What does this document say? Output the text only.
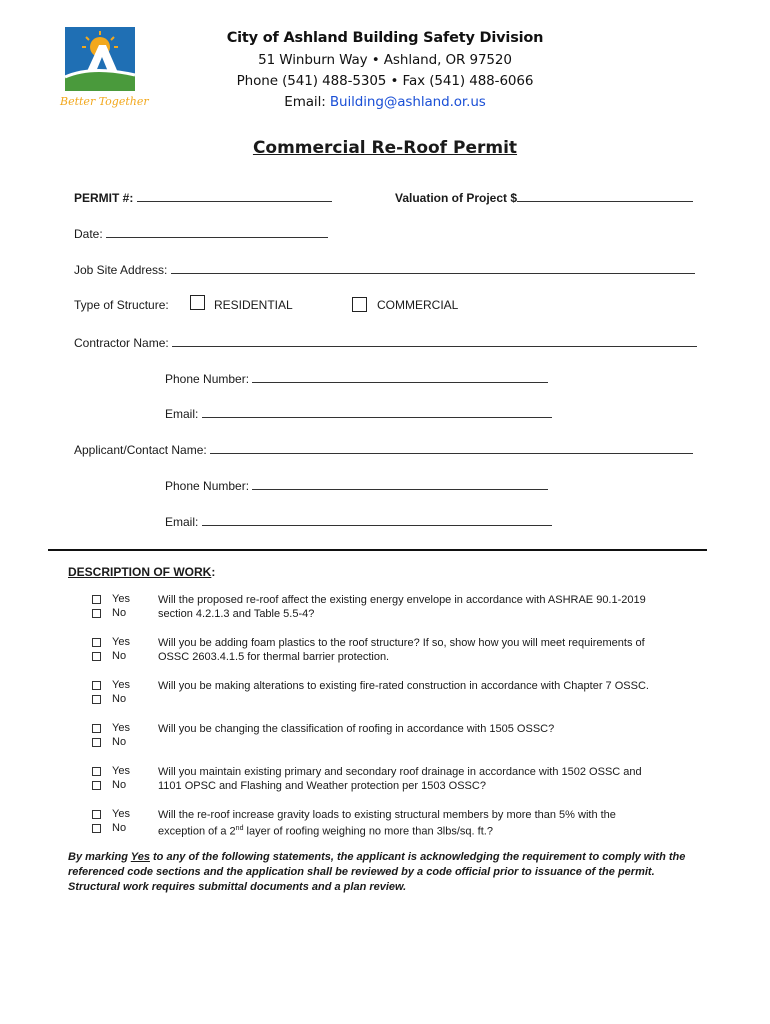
Better Together
City of Ashland Building Safety Division
51 Winburn Way • Ashland, OR 97520
Phone (541) 488-5305 • Fax (541) 488-6066
Email: Building@ashland.or.us
Commercial Re-Roof Permit
PERMIT #:	Valuation of Project $
Date:
Job Site Address:
Type of Structure:	RESIDENTIAL	COMMERCIAL
Contractor Name:
Phone Number:
Email:
Applicant/Contact Name:
Phone Number:
Email:
DESCRIPTION OF WORK:
Yes
No
Will the proposed re-roof affect the existing energy envelope in accordance with ASHRAE 90.1-2019
section 4.2.1.3 and Table 5.5-4?
Yes
No
Will you be adding foam plastics to the roof structure? If so, show how you will meet requirements of
OSSC 2603.4.1.5 for thermal barrier protection.
Yes
No
Will you be making alterations to existing fire-rated construction in accordance with Chapter 7 OSSC.
Yes
No
Will you be changing the classification of roofing in accordance with 1505 OSSC?
Yes
No
Will you maintain existing primary and secondary roof drainage in accordance with 1502 OSSC and
1101 OPSC and Flashing and Weather protection per 1503 OSSC?
Yes
No
Will the re-roof increase gravity loads to existing structural members by more than 5% with the
exception of a 2nd layer of roofing weighing no more than 3lbs/sq. ft.?
By marking Yes to any of the following statements, the applicant is acknowledging the requirement to comply with the referenced code sections and the application shall be reviewed by a code official prior to issuance of the permit. Structural work requires submittal documents and a plan review.
